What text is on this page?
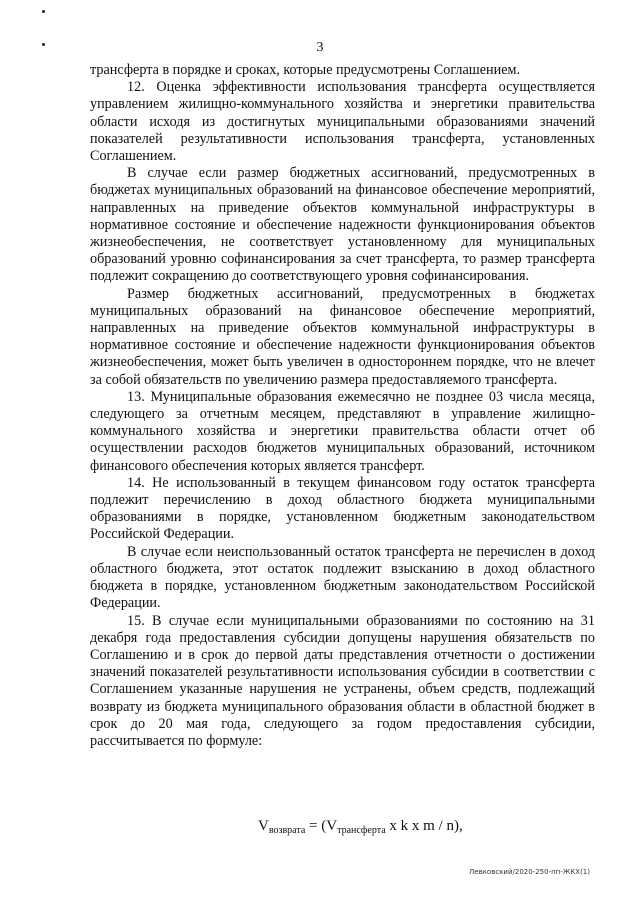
3

трансферта в порядке и сроках, которые предусмотрены Соглашением.

12. Оценка эффективности использования трансферта осуществляется управлением жилищно-коммунального хозяйства и энергетики правительства области исходя из достигнутых муниципальными образованиями значений показателей результативности использования трансферта, установленных Соглашением.

В случае если размер бюджетных ассигнований, предусмотренных в бюджетах муниципальных образований на финансовое обеспечение мероприятий, направленных на приведение объектов коммунальной инфраструктуры в нормативное состояние и обеспечение надежности функционирования объектов жизнеобеспечения, не соответствует установленному для муниципальных образований уровню софинансирования за счет трансферта, то размер трансферта подлежит сокращению до соответствующего уровня софинансирования.

Размер бюджетных ассигнований, предусмотренных в бюджетах муниципальных образований на финансовое обеспечение мероприятий, направленных на приведение объектов коммунальной инфраструктуры в нормативное состояние и обеспечение надежности функционирования объектов жизнеобеспечения, может быть увеличен в одностороннем порядке, что не влечет за собой обязательств по увеличению размера предоставляемого трансферта.

13. Муниципальные образования ежемесячно не позднее 03 числа месяца, следующего за отчетным месяцем, представляют в управление жилищно-коммунального хозяйства и энергетики правительства области отчет об осуществлении расходов бюджетов муниципальных образований, источником финансового обеспечения которых является трансферт.

14. Не использованный в текущем финансовом году остаток трансферта подлежит перечислению в доход областного бюджета муниципальными образованиями в порядке, установленном бюджетным законодательством Российской Федерации.

В случае если неиспользованный остаток трансферта не перечислен в доход областного бюджета, этот остаток подлежит взысканию в доход областного бюджета в порядке, установленном бюджетным законодательством Российской Федерации.

15. В случае если муниципальными образованиями по состоянию на 31 декабря года предоставления субсидии допущены нарушения обязательств по Соглашению и в срок до первой даты представления отчетности о достижении значений показателей результативности использования субсидии в соответствии с Соглашением указанные нарушения не устранены, объем средств, подлежащий возврату из бюджета муниципального образования области в областной бюджет в срок до 20 мая года, следующего за годом предоставления субсидии, рассчитывается по формуле:

$V_{возврата} = (V_{трансферта}$ x k x m / n),
Левковский/2020-250-пп-ЖКХ(1)
